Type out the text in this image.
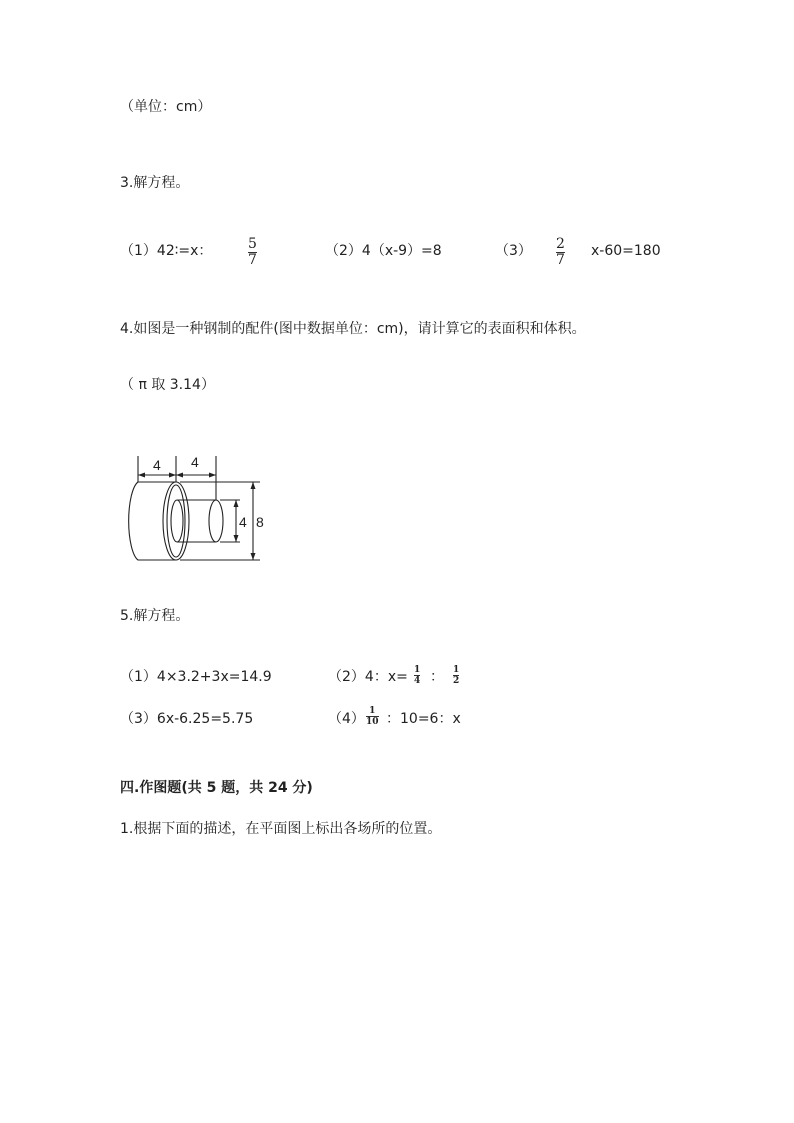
（单位：cm）
3.解方程。
（1）42∶=x：	5
7
（2）4（x-9）=8	（3） 2
7
x-60=180
4.如图是一种钢制的配件(图中数据单位：cm)，请计算它的表面积和体积。
（ π 取 3.14）
4 4
4 8
5.解方程。
（1）4×3.2+3x=14.9	（2）4：x= 1
4 ： 1
2
（3）6x-6.25=5.75	（4） 1
10 ：10=6：x
四.作图题(共 5 题，共 24 分)
1.根据下面的描述，在平面图上标出各场所的位置。
